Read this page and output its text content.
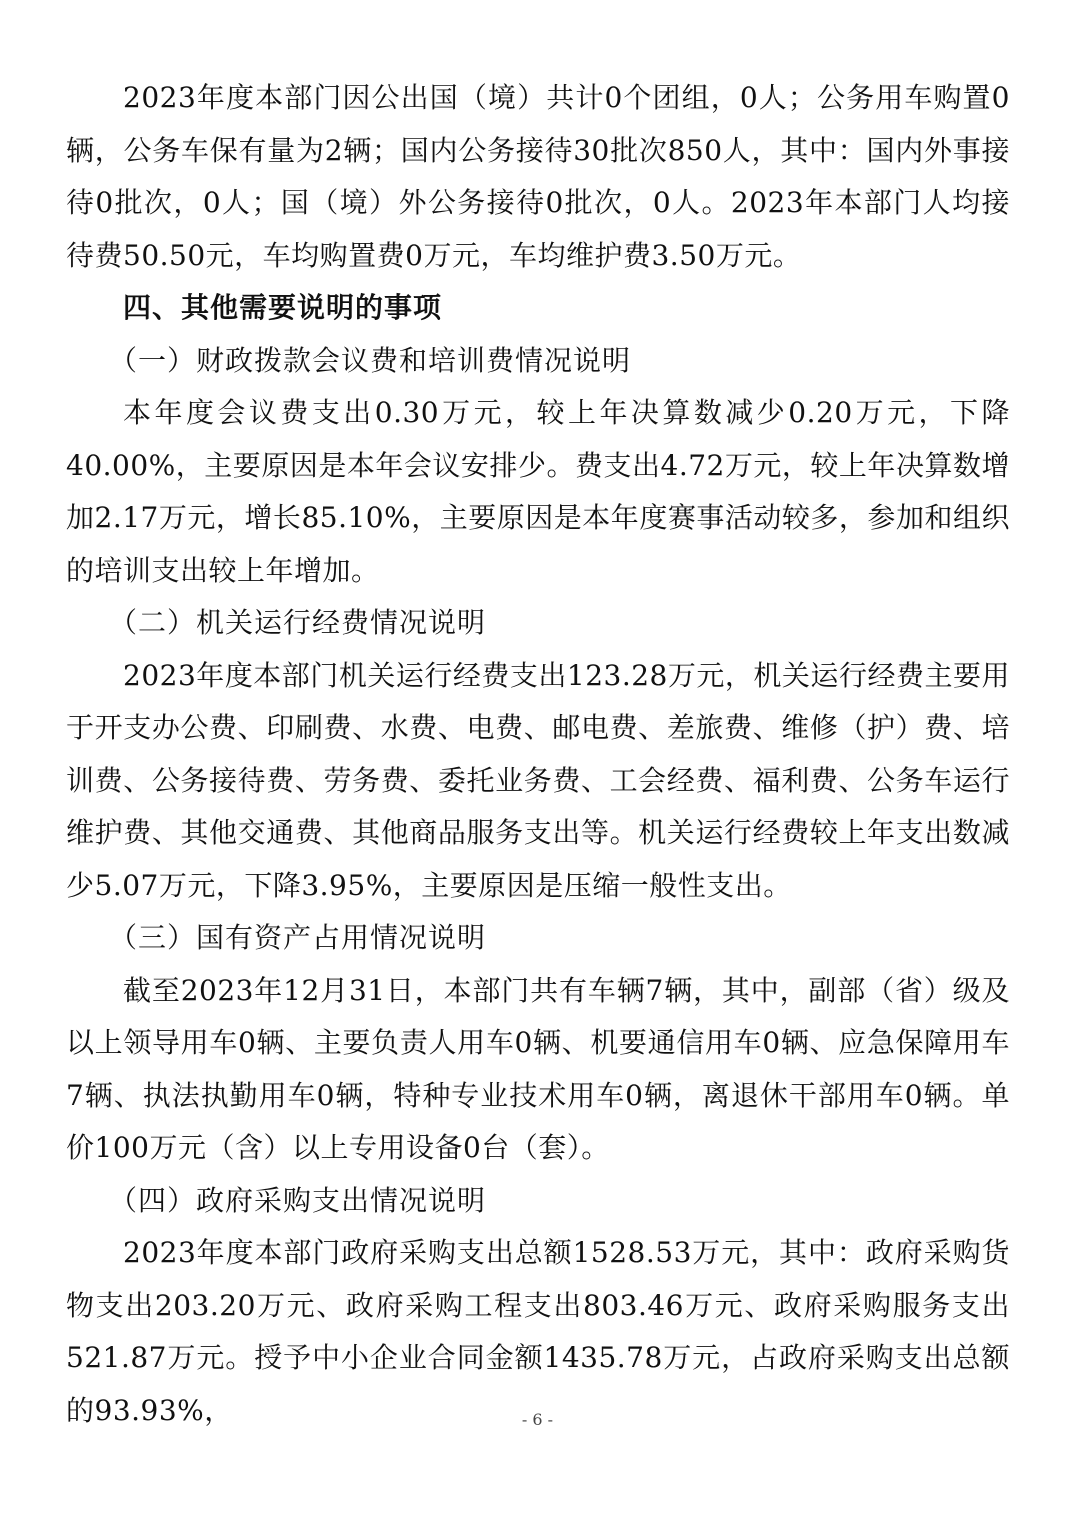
2023年度本部门因公出国（境）共计0个团组，0人；公务用车购置0辆，公务车保有量为2辆；国内公务接待30批次850人，其中：国内外事接待0批次，0人；国（境）外公务接待0批次，0人。2023年本部门人均接待费50.50元，车均购置费0万元，车均维护费3.50万元。

四、其他需要说明的事项

（一）财政拨款会议费和培训费情况说明

本年度会议费支出0.30万元，较上年决算数减少0.20万元，下降40.00%，主要原因是本年会议安排少。费支出4.72万元，较上年决算数增加2.17万元，增长85.10%，主要原因是本年度赛事活动较多，参加和组织的培训支出较上年增加。

（二）机关运行经费情况说明

2023年度本部门机关运行经费支出123.28万元，机关运行经费主要用于开支办公费、印刷费、水费、电费、邮电费、差旅费、维修（护）费、培训费、公务接待费、劳务费、委托业务费、工会经费、福利费、公务车运行维护费、其他交通费、其他商品服务支出等。机关运行经费较上年支出数减少5.07万元，下降3.95%，主要原因是压缩一般性支出。

（三）国有资产占用情况说明

截至2023年12月31日，本部门共有车辆7辆，其中，副部（省）级及以上领导用车0辆、主要负责人用车0辆、机要通信用车0辆、应急保障用车7辆、执法执勤用车0辆，特种专业技术用车0辆，离退休干部用车0辆。单价100万元（含）以上专用设备0台（套）。

（四）政府采购支出情况说明

2023年度本部门政府采购支出总额1528.53万元，其中：政府采购货物支出203.20万元、政府采购工程支出803.46万元、政府采购服务支出521.87万元。授予中小企业合同金额1435.78万元，占政府采购支出总额的93.93%，	- 6 -
